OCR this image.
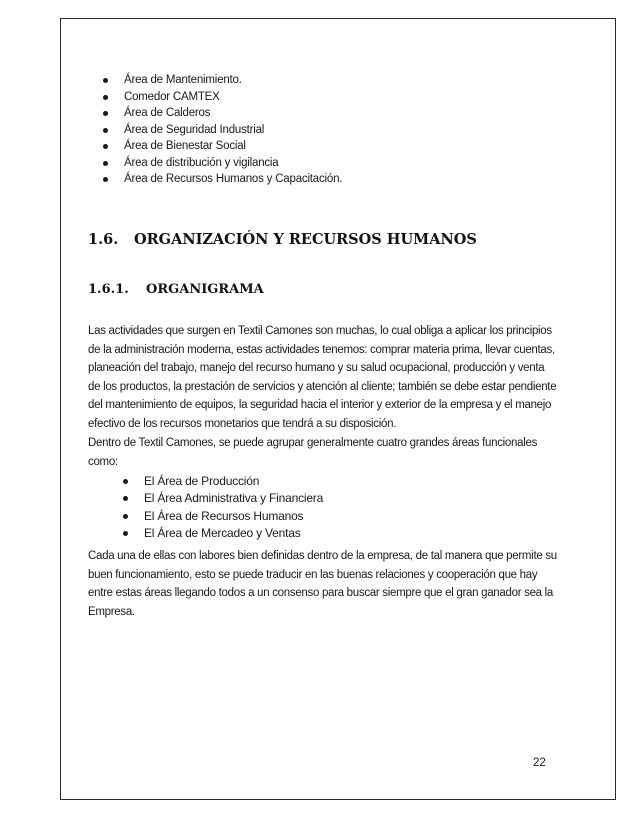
Área de Mantenimiento.
Comedor CAMTEX
Área de Calderos
Área de Seguridad Industrial
Área de Bienestar Social
Área de distribución y vigilancia
Área de Recursos Humanos y Capacitación.
1.6. ORGANIZACIÓN Y RECURSOS HUMANOS
1.6.1. ORGANIGRAMA

Las actividades que surgen en Textil Camones son muchas, lo cual obliga a aplicar los principios de la administración moderna, estas actividades tenemos: comprar materia prima, llevar cuentas, planeación del trabajo, manejo del recurso humano y su salud ocupacional, producción y venta de los productos, la prestación de servicios y atención al cliente; también se debe estar pendiente del mantenimiento de equipos, la seguridad hacia el interior y exterior de la empresa y el manejo efectivo de los recursos monetarios que tendrá a su disposición.

Dentro de Textil Camones, se puede agrupar generalmente cuatro grandes áreas funcionales como:

El Área de Producción
El Área Administrativa y Financiera
El Área de Recursos Humanos
El Área de Mercadeo y Ventas

Cada una de ellas con labores bien definidas dentro de la empresa, de tal manera que permite su buen funcionamiento, esto se puede traducir en las buenas relaciones y cooperación que hay entre estas áreas llegando todos a un consenso para buscar siempre que el gran ganador sea la Empresa.

22
